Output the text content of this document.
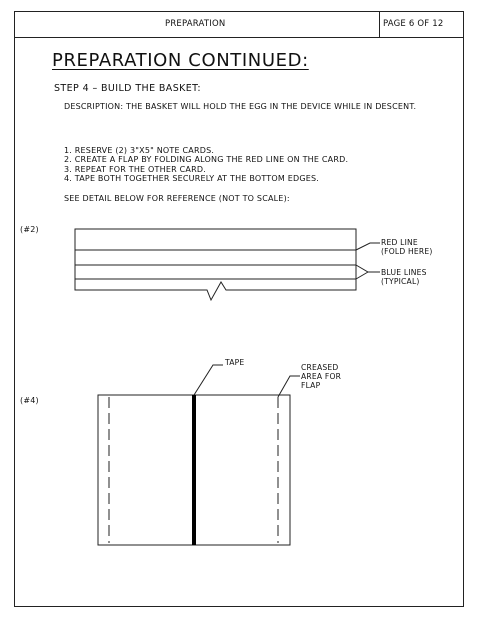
PREPARATION	PAGE 6 OF 12
PREPARATION CONTINUED:
STEP 4 – BUILD THE BASKET:
DESCRIPTION: THE BASKET WILL HOLD THE EGG IN THE DEVICE WHILE IN DESCENT.
1. RESERVE (2) 3"X5" NOTE CARDS.
2. CREATE A FLAP BY FOLDING ALONG THE RED LINE ON THE CARD.
3. REPEAT FOR THE OTHER CARD.
4. TAPE BOTH TOGETHER SECURELY AT THE BOTTOM EDGES.
SEE DETAIL BELOW FOR REFERENCE (NOT TO SCALE):
(#2)
(#4)
RED LINE
(FOLD HERE)
BLUE LINES
(TYPICAL)
TAPE
CREASED
AREA FOR
FLAP
